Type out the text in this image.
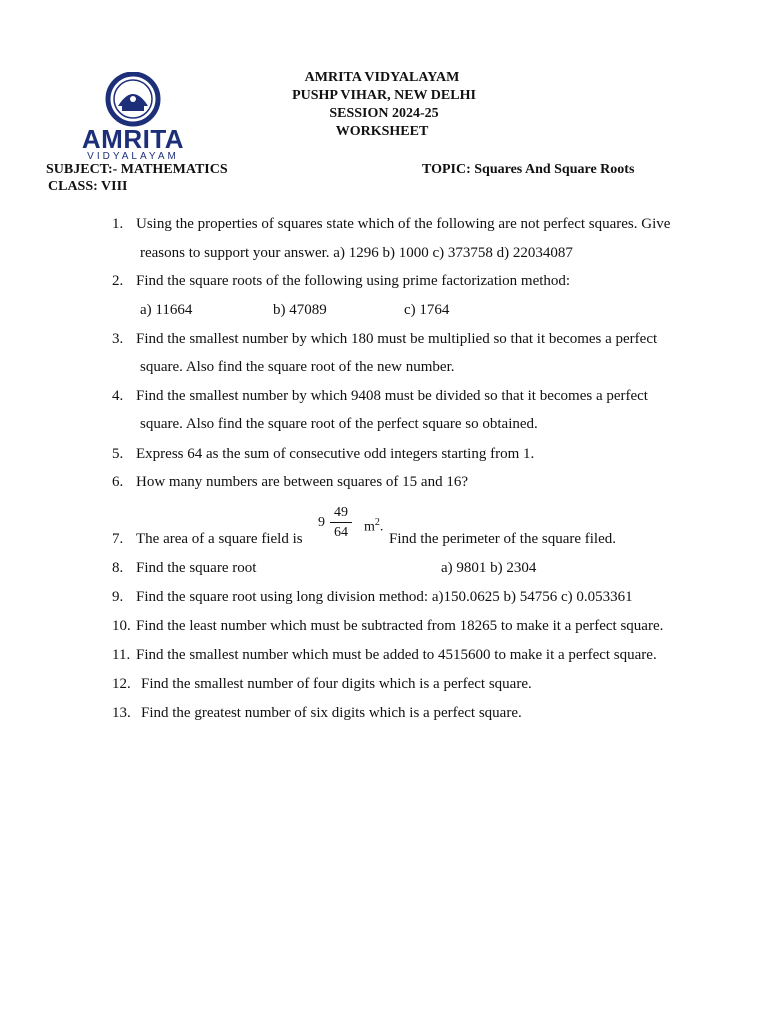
AMRITA
VIDYALAYAM
AMRITA VIDYALAYAM
PUSHP VIHAR, NEW DELHI
SESSION 2024-25
WORKSHEET
SUBJECT:- MATHEMATICS	TOPIC: Squares And Square Roots
CLASS: VIII
1. Using the properties of squares state which of the following are not perfect squares. Give
reasons to support your answer. a) 1296 b) 1000 c) 373758 d) 22034087
2. Find the square roots of the following using prime factorization method:
a) 11664	b) 47089	c) 1764
3. Find the smallest number by which 180 must be multiplied so that it becomes a perfect
square. Also find the square root of the new number.
4. Find the smallest number by which 9408 must be divided so that it becomes a perfect
square. Also find the square root of the perfect square so obtained.
5. Express 64 as the sum of consecutive odd integers starting from 1.
6. How many numbers are between squares of 15 and 16?
7. The area of a square field is
9
49
64 $m^2$.
Find the perimeter of the square filed.
8. Find the square root	a) 9801 b) 2304
9. Find the square root using long division method: a)150.0625 b) 54756 c) 0.053361
10. Find the least number which must be subtracted from 18265 to make it a perfect square.
11. Find the smallest number which must be added to 4515600 to make it a perfect square.
12. Find the smallest number of four digits which is a perfect square.
13. Find the greatest number of six digits which is a perfect square.
